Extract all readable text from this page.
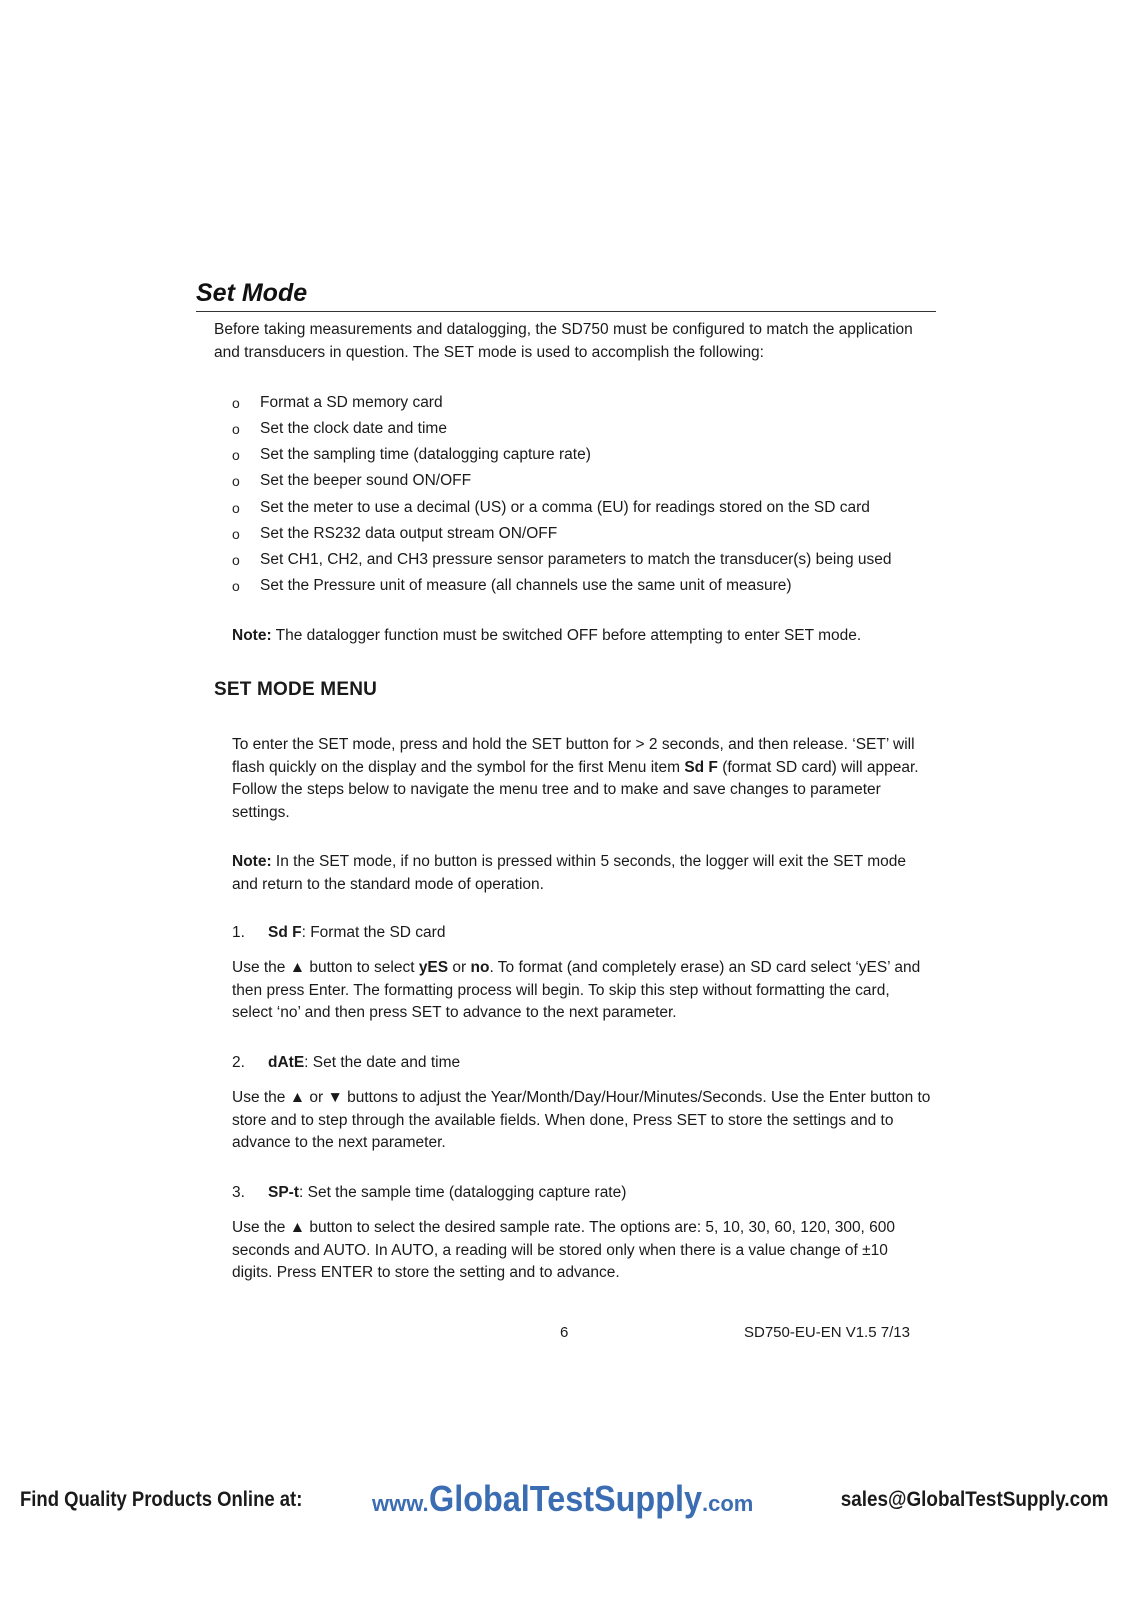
Set Mode
Before taking measurements and datalogging, the SD750 must be configured to match the application and transducers in question. The SET mode is used to accomplish the following:
o	Format a SD memory card
o	Set the clock date and time
o	Set the sampling time (datalogging capture rate)
o	Set the beeper sound ON/OFF
o	Set the meter to use a decimal (US) or a comma (EU) for readings stored on the SD card
o	Set the RS232 data output stream ON/OFF
o	Set CH1, CH2, and CH3 pressure sensor parameters to match the transducer(s) being used
o	Set the Pressure unit of measure (all channels use the same unit of measure)
Note: The datalogger function must be switched OFF before attempting to enter SET mode.
SET MODE MENU
To enter the SET mode, press and hold the SET button for > 2 seconds, and then release. ‘SET’ will flash quickly on the display and the symbol for the first Menu item Sd F (format SD card) will appear. Follow the steps below to navigate the menu tree and to make and save changes to parameter settings.
Note: In the SET mode, if no button is pressed within 5 seconds, the logger will exit the SET mode and return to the standard mode of operation.
1.	Sd F: Format the SD card
Use the ▲ button to select yES or no. To format (and completely erase) an SD card select ‘yES’ and then press Enter. The formatting process will begin. To skip this step without formatting the card, select ‘no’ and then press SET to advance to the next parameter.
2.	dAtE: Set the date and time
Use the ▲ or ▼ buttons to adjust the Year/Month/Day/Hour/Minutes/Seconds. Use the Enter button to store and to step through the available fields. When done, Press SET to store the settings and to advance to the next parameter.
3.	SP-t: Set the sample time (datalogging capture rate)
Use the ▲ button to select the desired sample rate. The options are: 5, 10, 30, 60, 120, 300, 600 seconds and AUTO. In AUTO, a reading will be stored only when there is a value change of ±10 digits. Press ENTER to store the setting and to advance.
6	SD750-EU-EN V1.5 7/13
Find Quality Products Online at:	www.GlobalTestSupply.com	sales@GlobalTestSupply.com
